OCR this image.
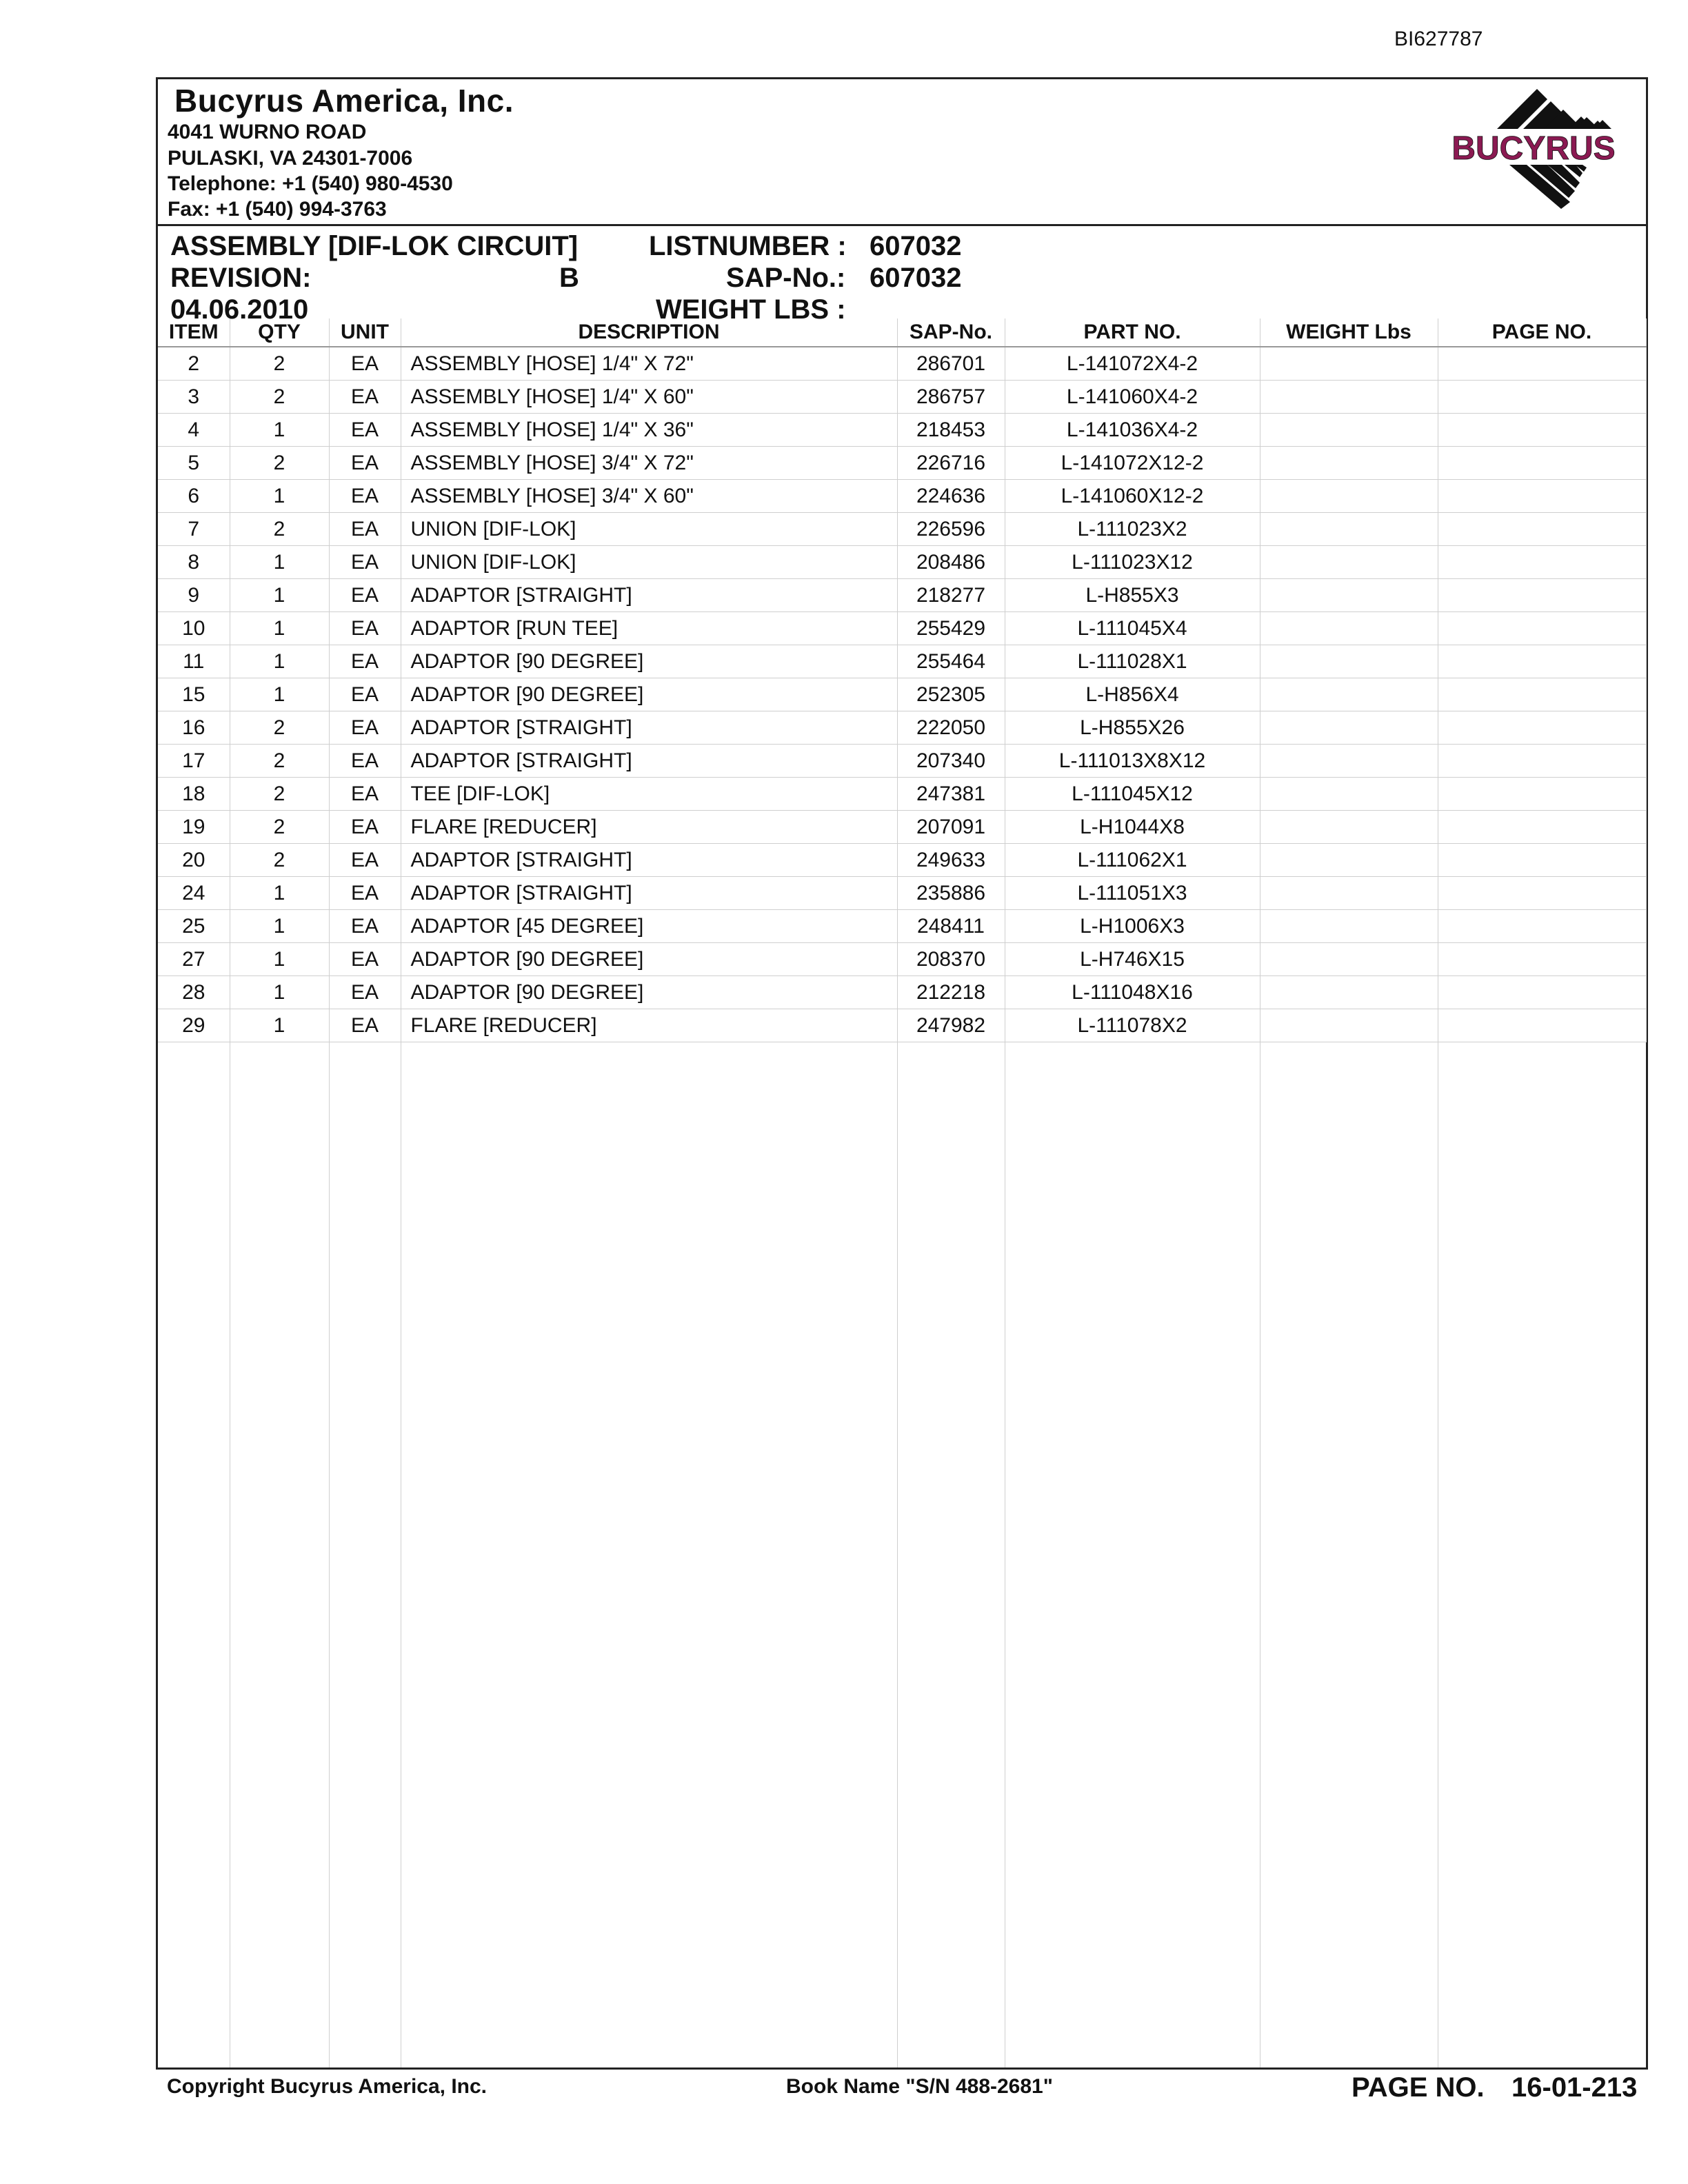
BI627787
Bucyrus America, Inc.
4041 WURNO ROAD
PULASKI, VA 24301-7006
Telephone: +1 (540) 980-4530
Fax: +1 (540) 994-3763
BUCYRUS
ASSEMBLY [DIF-LOK CIRCUIT]	LISTNUMBER : 607032
REVISION:	B	SAP-No.: 607032
04.06.2010	WEIGHT LBS :
ITEM	QTY	UNIT	DESCRIPTION	SAP-No.	PART NO.	WEIGHT Lbs	PAGE NO.
2	2	EA	ASSEMBLY [HOSE] 1/4" X 72"	286701	L-141072X4-2		
3	2	EA	ASSEMBLY [HOSE] 1/4" X 60"	286757	L-141060X4-2		
4	1	EA	ASSEMBLY [HOSE] 1/4" X 36"	218453	L-141036X4-2		
5	2	EA	ASSEMBLY [HOSE] 3/4" X 72"	226716	L-141072X12-2		
6	1	EA	ASSEMBLY [HOSE] 3/4" X 60"	224636	L-141060X12-2		
7	2	EA	UNION [DIF-LOK]	226596	L-111023X2		
8	1	EA	UNION [DIF-LOK]	208486	L-111023X12		
9	1	EA	ADAPTOR [STRAIGHT]	218277	L-H855X3		
10	1	EA	ADAPTOR [RUN TEE]	255429	L-111045X4		
11	1	EA	ADAPTOR [90 DEGREE]	255464	L-111028X1		
15	1	EA	ADAPTOR [90 DEGREE]	252305	L-H856X4		
16	2	EA	ADAPTOR [STRAIGHT]	222050	L-H855X26		
17	2	EA	ADAPTOR [STRAIGHT]	207340	L-111013X8X12		
18	2	EA	TEE [DIF-LOK]	247381	L-111045X12		
19	2	EA	FLARE [REDUCER]	207091	L-H1044X8		
20	2	EA	ADAPTOR [STRAIGHT]	249633	L-111062X1		
24	1	EA	ADAPTOR [STRAIGHT]	235886	L-111051X3		
25	1	EA	ADAPTOR [45 DEGREE]	248411	L-H1006X3		
27	1	EA	ADAPTOR [90 DEGREE]	208370	L-H746X15		
28	1	EA	ADAPTOR [90 DEGREE]	212218	L-111048X16		
29	1	EA	FLARE [REDUCER]	247982	L-111078X2		
Copyright Bucyrus America, Inc.	Book Name "S/N 488-2681"	PAGE NO. 16-01-213
